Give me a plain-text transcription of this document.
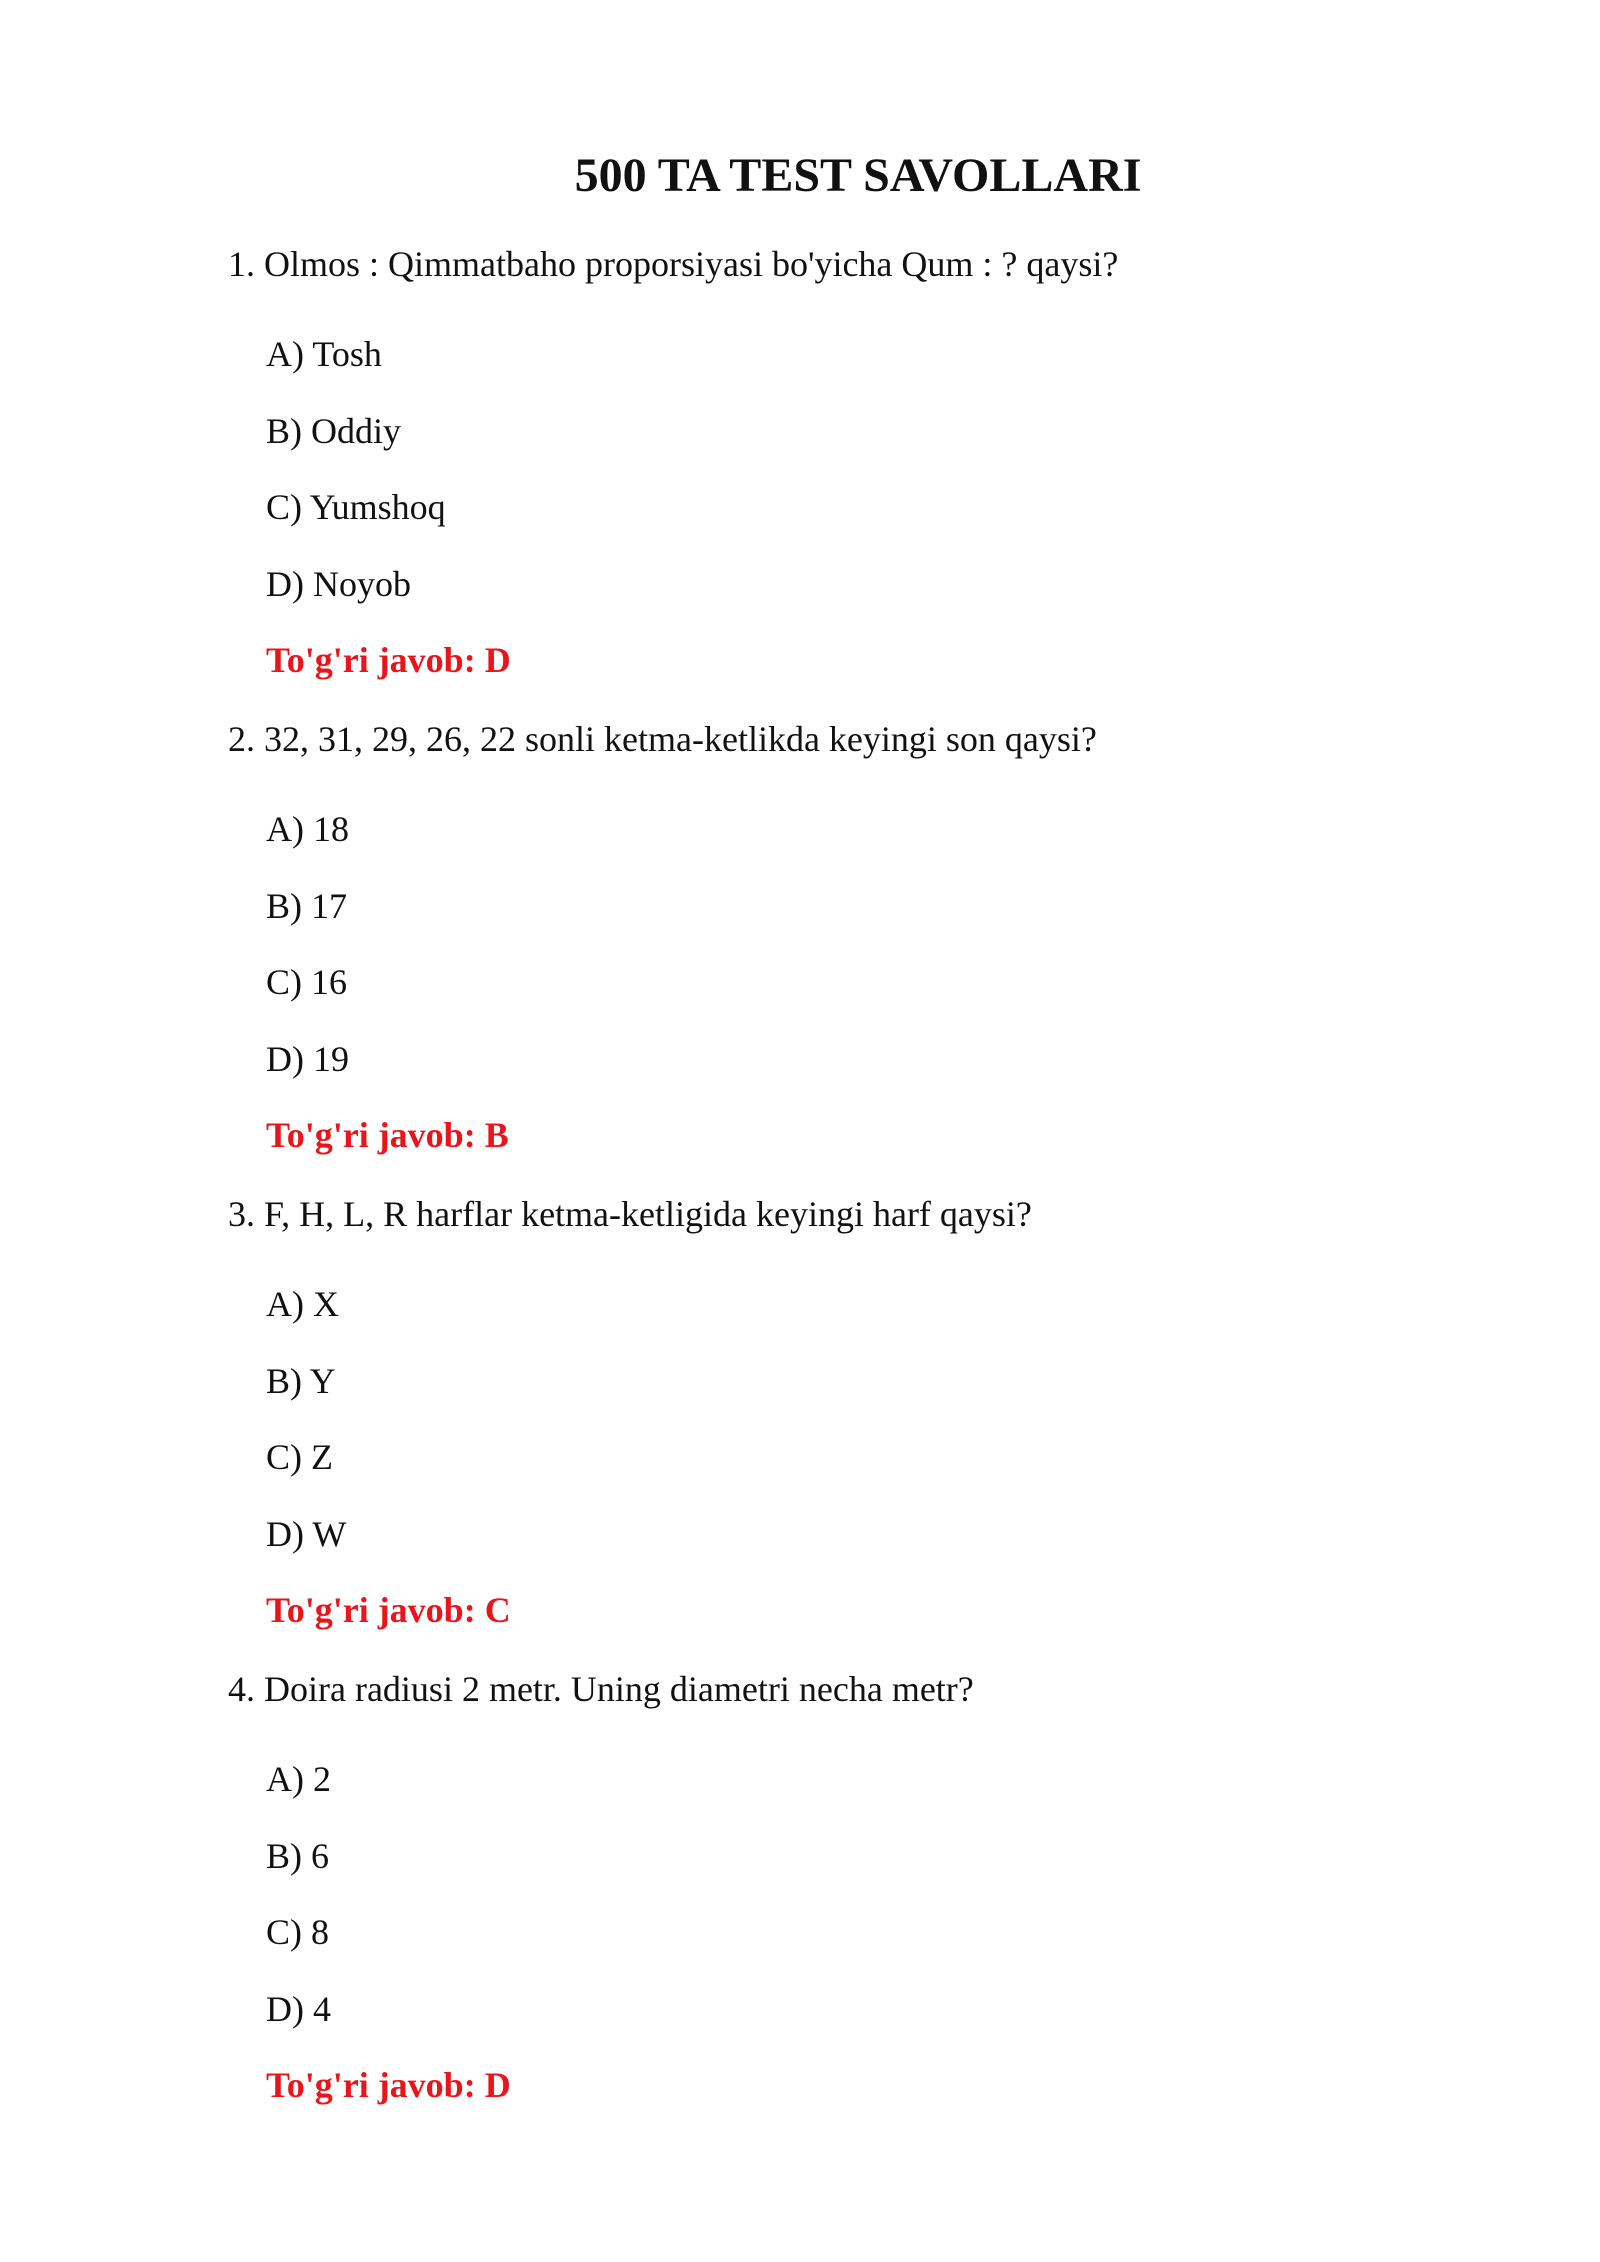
500 TA TEST SAVOLLARI
1. Olmos : Qimmatbaho proporsiyasi bo'yicha Qum : ? qaysi?
A) Tosh
B) Oddiy
C) Yumshoq
D) Noyob
To'g'ri javob: D
2. 32, 31, 29, 26, 22 sonli ketma-ketlikda keyingi son qaysi?
A) 18
B) 17
C) 16
D) 19
To'g'ri javob: B
3. F, H, L, R harflar ketma-ketligida keyingi harf qaysi?
A) X
B) Y
C) Z
D) W
To'g'ri javob: C
4. Doira radiusi 2 metr. Uning diametri necha metr?
A) 2
B) 6
C) 8
D) 4
To'g'ri javob: D
